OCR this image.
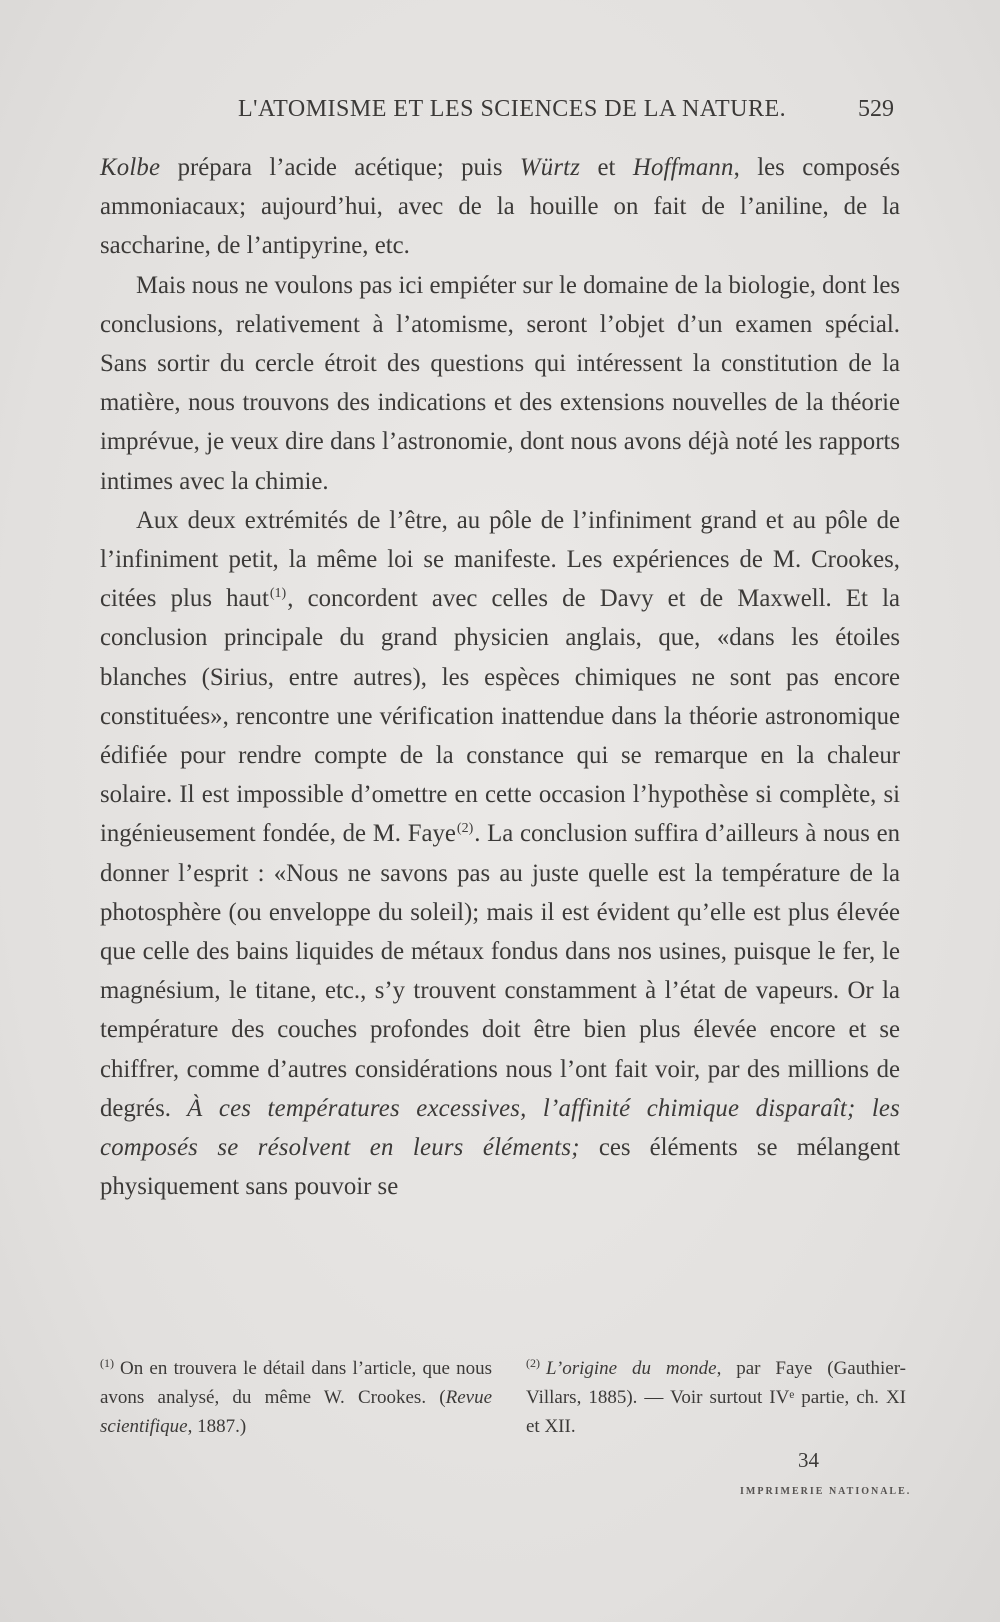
L'ATOMISME ET LES SCIENCES DE LA NATURE.	529

Kolbe prépara l’acide acétique; puis Würtz et Hoffmann, les composés ammoniacaux; aujourd’hui, avec de la houille on fait de l’aniline, de la saccharine, de l’antipyrine, etc.

Mais nous ne voulons pas ici empiéter sur le domaine de la biologie, dont les conclusions, relativement à l’atomisme, seront l’objet d’un examen spécial. Sans sortir du cercle étroit des questions qui intéressent la constitution de la matière, nous trouvons des indications et des extensions nouvelles de la théorie imprévue, je veux dire dans l’astronomie, dont nous avons déjà noté les rapports intimes avec la chimie.

Aux deux extrémités de l’être, au pôle de l’infiniment grand et au pôle de l’infiniment petit, la même loi se manifeste. Les expériences de M. Crookes, citées plus haut$^{(1)}$, concordent avec celles de Davy et de Maxwell. Et la conclusion principale du grand physicien anglais, que, «dans les étoiles blanches (Sirius, entre autres), les espèces chimiques ne sont pas encore constituées», rencontre une vérification inattendue dans la théorie astronomique édifiée pour rendre compte de la constance qui se remarque en la chaleur solaire. Il est impossible d’omettre en cette occasion l’hypothèse si complète, si ingénieusement fondée, de M. Faye$^{(2)}$. La conclusion suffira d’ailleurs à nous en donner l’esprit : «Nous ne savons pas au juste quelle est la température de la photosphère (ou enveloppe du soleil); mais il est évident qu’elle est plus élevée que celle des bains liquides de métaux fondus dans nos usines, puisque le fer, le magnésium, le titane, etc., s’y trouvent constamment à l’état de vapeurs. Or la température des couches profondes doit être bien plus élevée encore et se chiffrer, comme d’autres considérations nous l’ont fait voir, par des millions de degrés. À ces températures excessives, l’affinité chimique disparaît; les composés se résolvent en leurs éléments; ces éléments se mélangent physiquement sans pouvoir se

$^{(1)}$ On en trouvera le détail dans l’article, que nous avons analysé, du même W. Crookes. (Revue scientifique, 1887.)
$^{(2)}$ L’origine du monde, par Faye (Gauthier-Villars, 1885). — Voir surtout IVᵉ partie, ch. XI et XII.
34
IMPRIMERIE NATIONALE.
